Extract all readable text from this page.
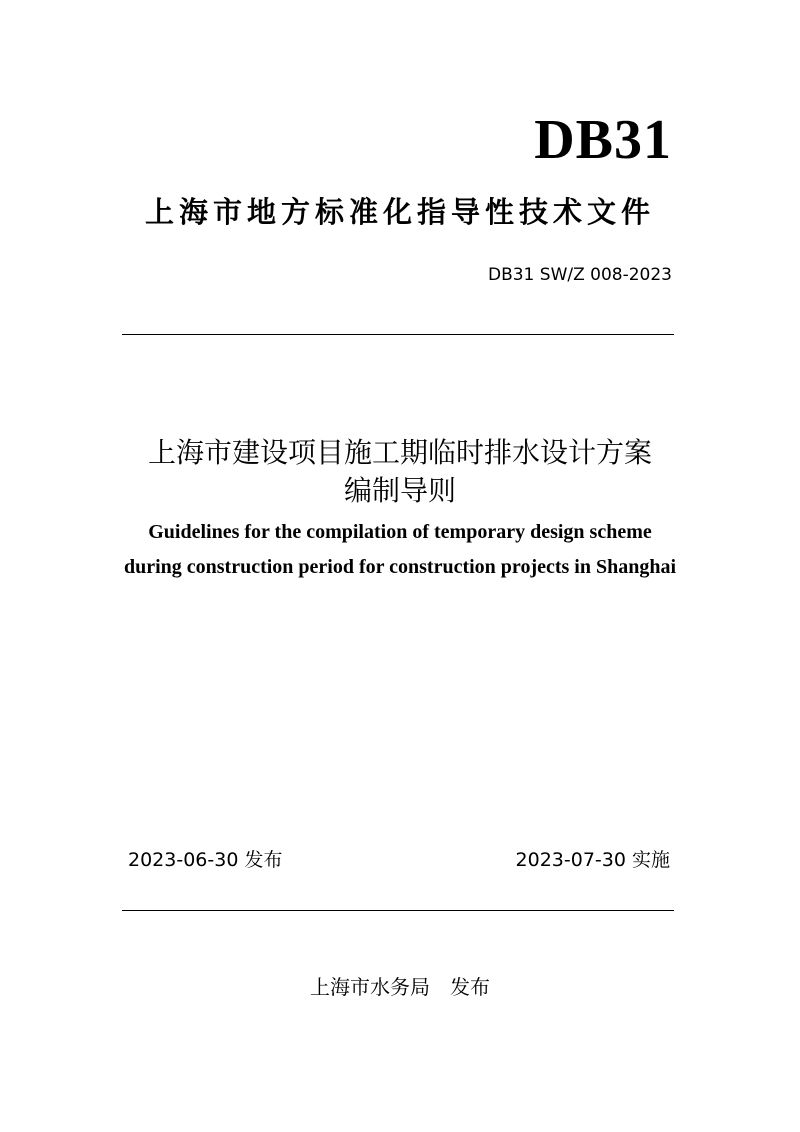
DB31
上海市地方标准化指导性技术文件
DB31 SW/Z 008-2023
上海市建设项目施工期临时排水设计方案
编制导则
Guidelines for the compilation of temporary design scheme
during construction period for construction projects in Shanghai
2023-06-30 发布	2023-07-30 实施
上海市水务局　发布
